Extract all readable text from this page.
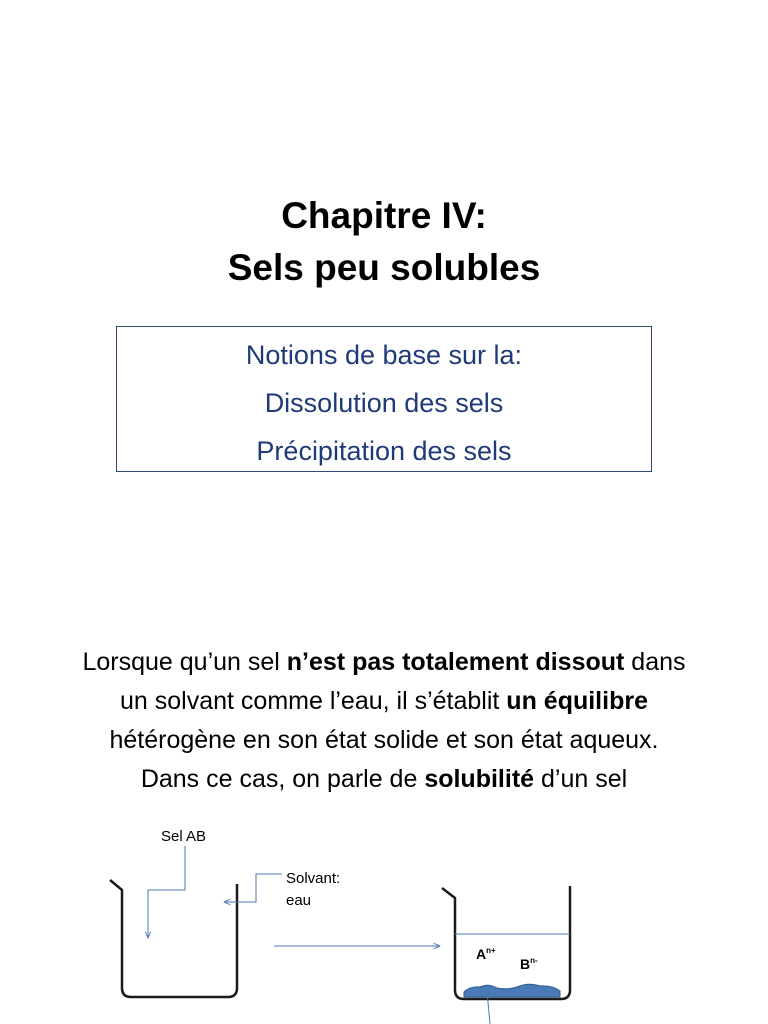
Chapitre IV:
Sels peu solubles
Notions de base sur la:
Dissolution des sels
Précipitation des sels
Lorsque qu’un sel n’est pas totalement dissout dans
un solvant comme l’eau, il s’établit un équilibre
hétérogène en son état solide et son état aqueux.
Dans ce cas, on parle de solubilité d’un sel
Sel AB
Solvant:
eau
$A^{n+}$
$B^{n-}$
